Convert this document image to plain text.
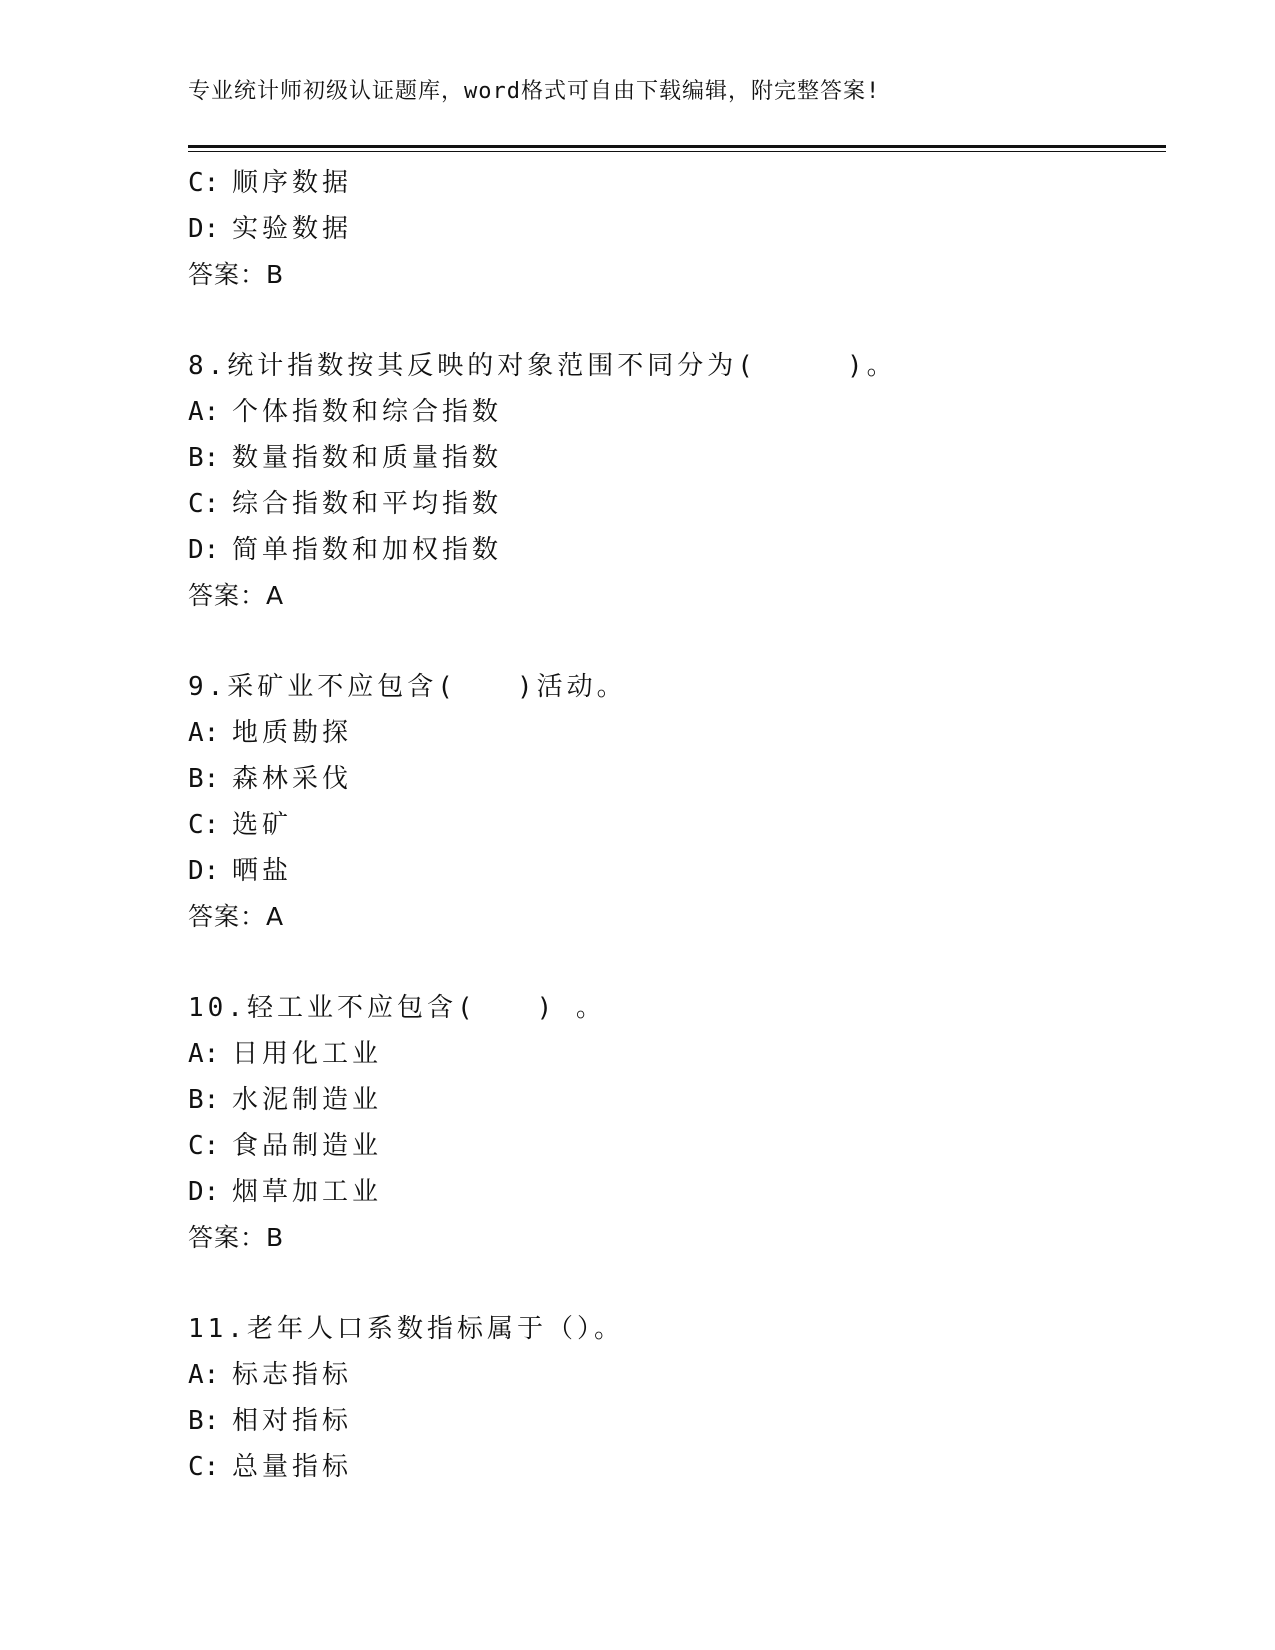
专业统计师初级认证题库，word格式可自由下载编辑，附完整答案!
C: 顺序数据
D: 实验数据
答案：B
8.统计指数按其反映的对象范围不同分为(　　　)。
A: 个体指数和综合指数
B: 数量指数和质量指数
C: 综合指数和平均指数
D: 简单指数和加权指数
答案：A
9.采矿业不应包含(　　)活动。
A: 地质勘探
B: 森林采伐
C: 选矿
D: 晒盐
答案：A
10.轻工业不应包含(　　) 。
A: 日用化工业
B: 水泥制造业
C: 食品制造业
D: 烟草加工业
答案：B
11.老年人口系数指标属于（）。
A: 标志指标
B: 相对指标
C: 总量指标
